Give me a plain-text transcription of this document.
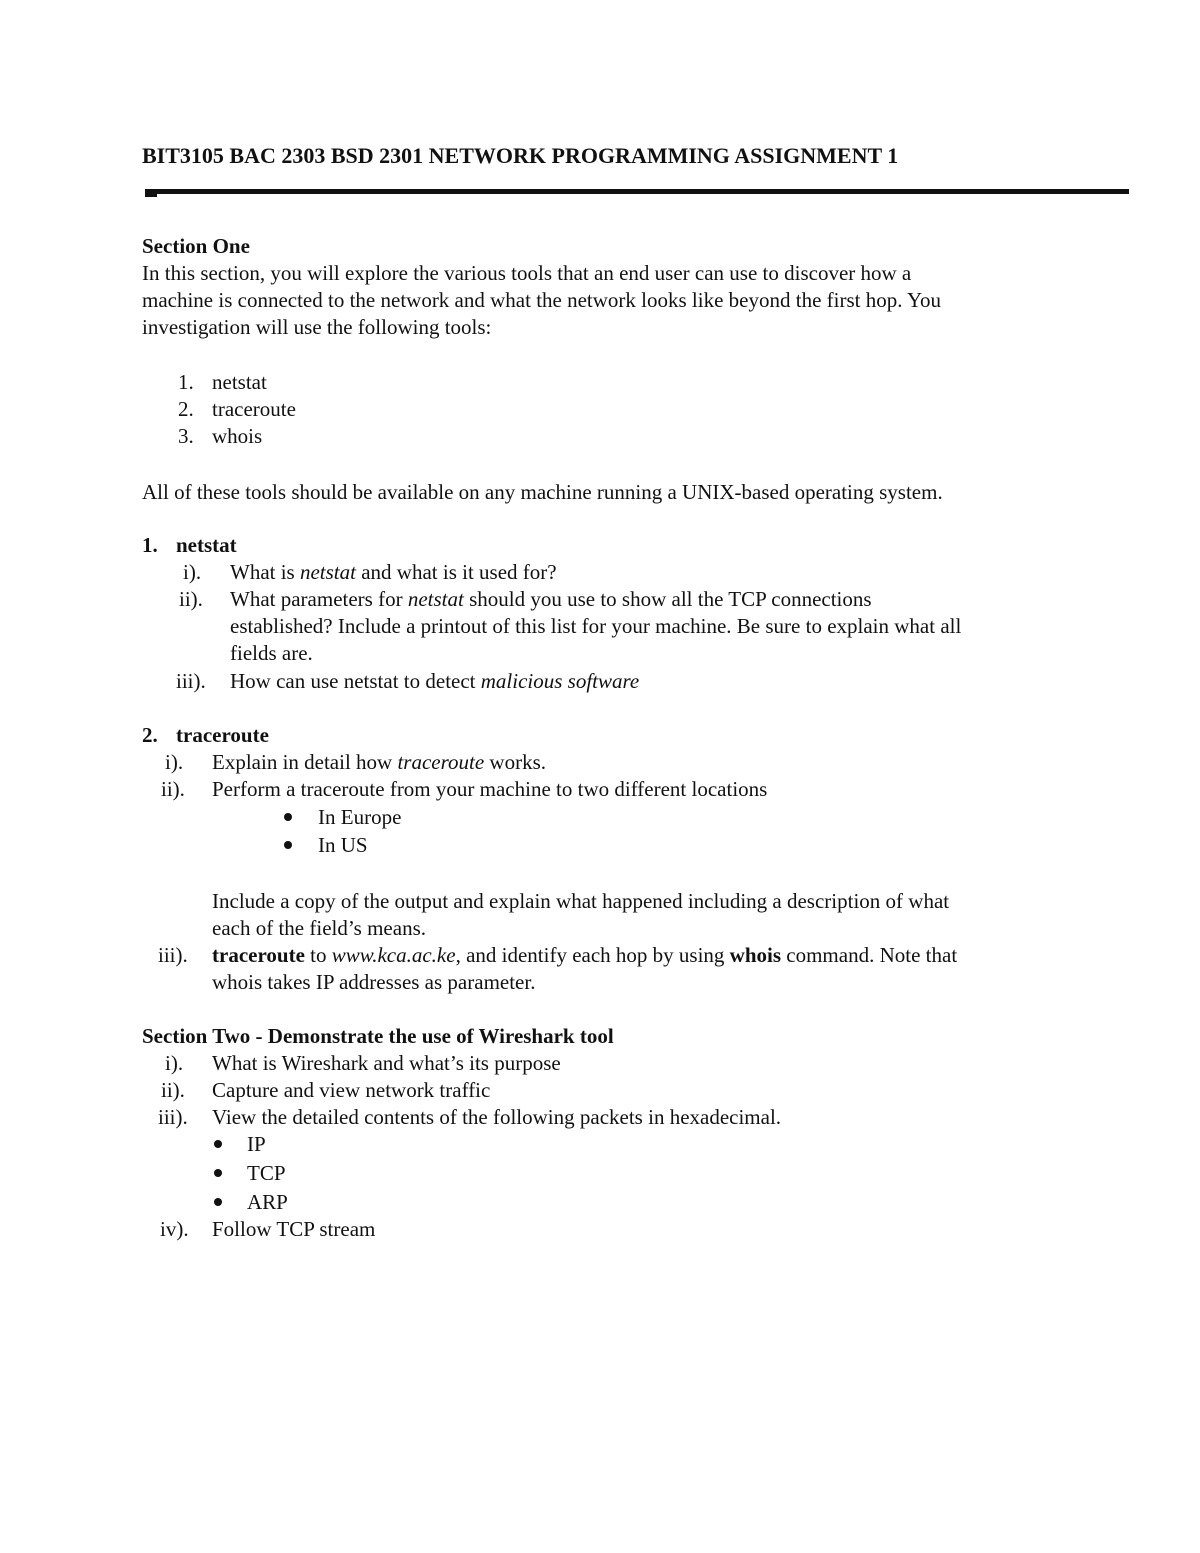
BIT3105 BAC 2303 BSD 2301 NETWORK PROGRAMMING ASSIGNMENT 1
Section One
In this section, you will explore the various tools that an end user can use to discover how a
machine is connected to the network and what the network looks like beyond the first hop. You
investigation will use the following tools:
1. netstat
2. traceroute
3. whois
All of these tools should be available on any machine running a UNIX-based operating system.
1. netstat
i). What is netstat and what is it used for?
ii). What parameters for netstat should you use to show all the TCP connections
established? Include a printout of this list for your machine. Be sure to explain what all
fields are.
iii). How can use netstat to detect malicious software
2. traceroute
i). Explain in detail how traceroute works.
ii). Perform a traceroute from your machine to two different locations
In Europe
In US
Include a copy of the output and explain what happened including a description of what
each of the field’s means.
iii). traceroute to www.kca.ac.ke, and identify each hop by using whois command. Note that
whois takes IP addresses as parameter.
Section Two - Demonstrate the use of Wireshark tool
i). What is Wireshark and what’s its purpose
ii). Capture and view network traffic
iii). View the detailed contents of the following packets in hexadecimal.
IP
TCP
ARP
iv). Follow TCP stream
